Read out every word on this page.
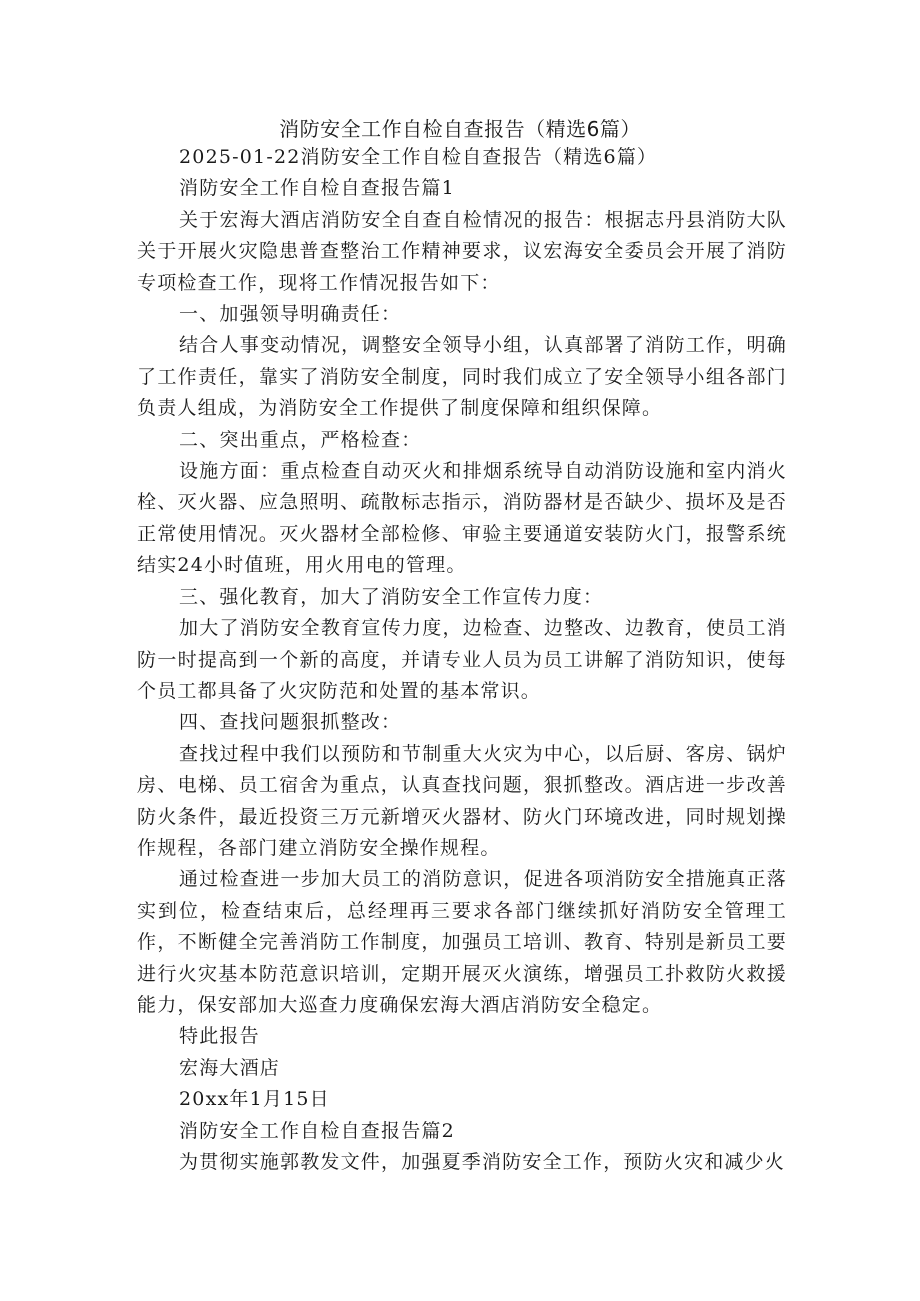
消防安全工作自检自查报告（精选6篇）

2025-01-22消防安全工作自检自查报告（精选6篇）

消防安全工作自检自查报告篇1

关于宏海大酒店消防安全自查自检情况的报告：根据志丹县消防大队关于开展火灾隐患普查整治工作精神要求，议宏海安全委员会开展了消防专项检查工作，现将工作情况报告如下：

一、加强领导明确责任：

结合人事变动情况，调整安全领导小组，认真部署了消防工作，明确了工作责任，靠实了消防安全制度，同时我们成立了安全领导小组各部门负责人组成，为消防安全工作提供了制度保障和组织保障。

二、突出重点，严格检查：

设施方面：重点检查自动灭火和排烟系统导自动消防设施和室内消火栓、灭火器、应急照明、疏散标志指示，消防器材是否缺少、损坏及是否正常使用情况。灭火器材全部检修、审验主要通道安装防火门，报警系统结实24小时值班，用火用电的管理。

三、强化教育，加大了消防安全工作宣传力度：

加大了消防安全教育宣传力度，边检查、边整改、边教育，使员工消防一时提高到一个新的高度，并请专业人员为员工讲解了消防知识，使每个员工都具备了火灾防范和处置的基本常识。

四、查找问题狠抓整改：

查找过程中我们以预防和节制重大火灾为中心，以后厨、客房、锅炉房、电梯、员工宿舍为重点，认真查找问题，狠抓整改。酒店进一步改善防火条件，最近投资三万元新增灭火器材、防火门环境改进，同时规划操作规程，各部门建立消防安全操作规程。

通过检查进一步加大员工的消防意识，促进各项消防安全措施真正落实到位，检查结束后，总经理再三要求各部门继续抓好消防安全管理工作，不断健全完善消防工作制度，加强员工培训、教育、特别是新员工要进行火灾基本防范意识培训，定期开展灭火演练，增强员工扑救防火救援能力，保安部加大巡查力度确保宏海大酒店消防安全稳定。

特此报告

宏海大酒店

20xx年1月15日

消防安全工作自检自查报告篇2

为贯彻实施郭教发文件，加强夏季消防安全工作，预防火灾和减少火
